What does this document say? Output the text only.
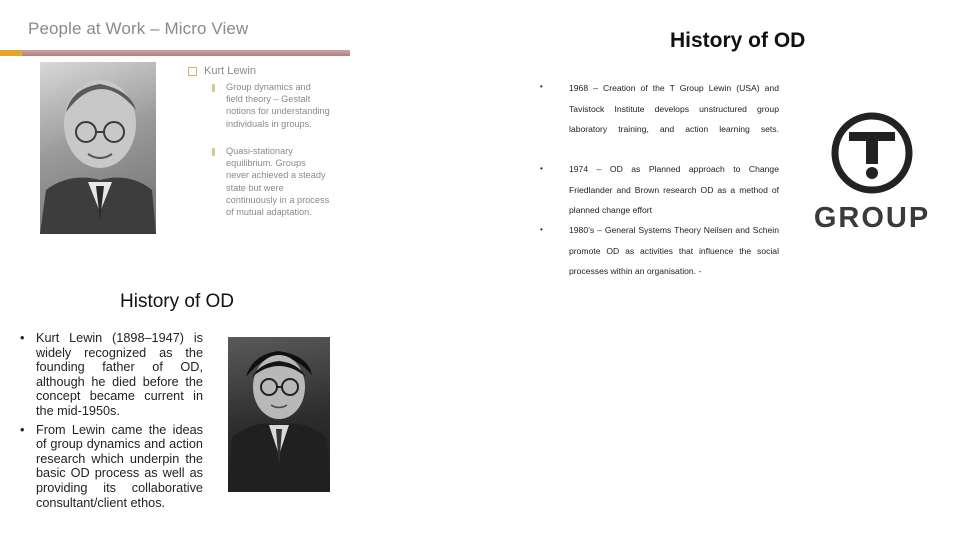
People at Work – Micro View
Kurt Lewin
Group dynamics and field theory – Gestalt notions for understanding individuals in groups.
Quasi-stationary equilibrium. Groups never achieved a steady state but were continuously in a process of mutual adaptation.
History of OD
•	1968 – Creation of the T Group Lewin (USA) and Tavistock Institute develops unstructured group laboratory training, and action learning sets.
•	1974 – OD as Planned approach to Change Friedlander and Brown research OD as a method of planned change effort
•	1980’s – General Systems Theory Neilsen and Schein promote OD as activities that influence the social processes within an organisation. -
GROUP
History of OD
• Kurt Lewin (1898–1947) is widely recognized as the founding father of OD, although he died before the concept became current in the mid-1950s.
• From Lewin came the ideas of group dynamics and action research which underpin the basic OD process as well as providing its collaborative consultant/client ethos.
